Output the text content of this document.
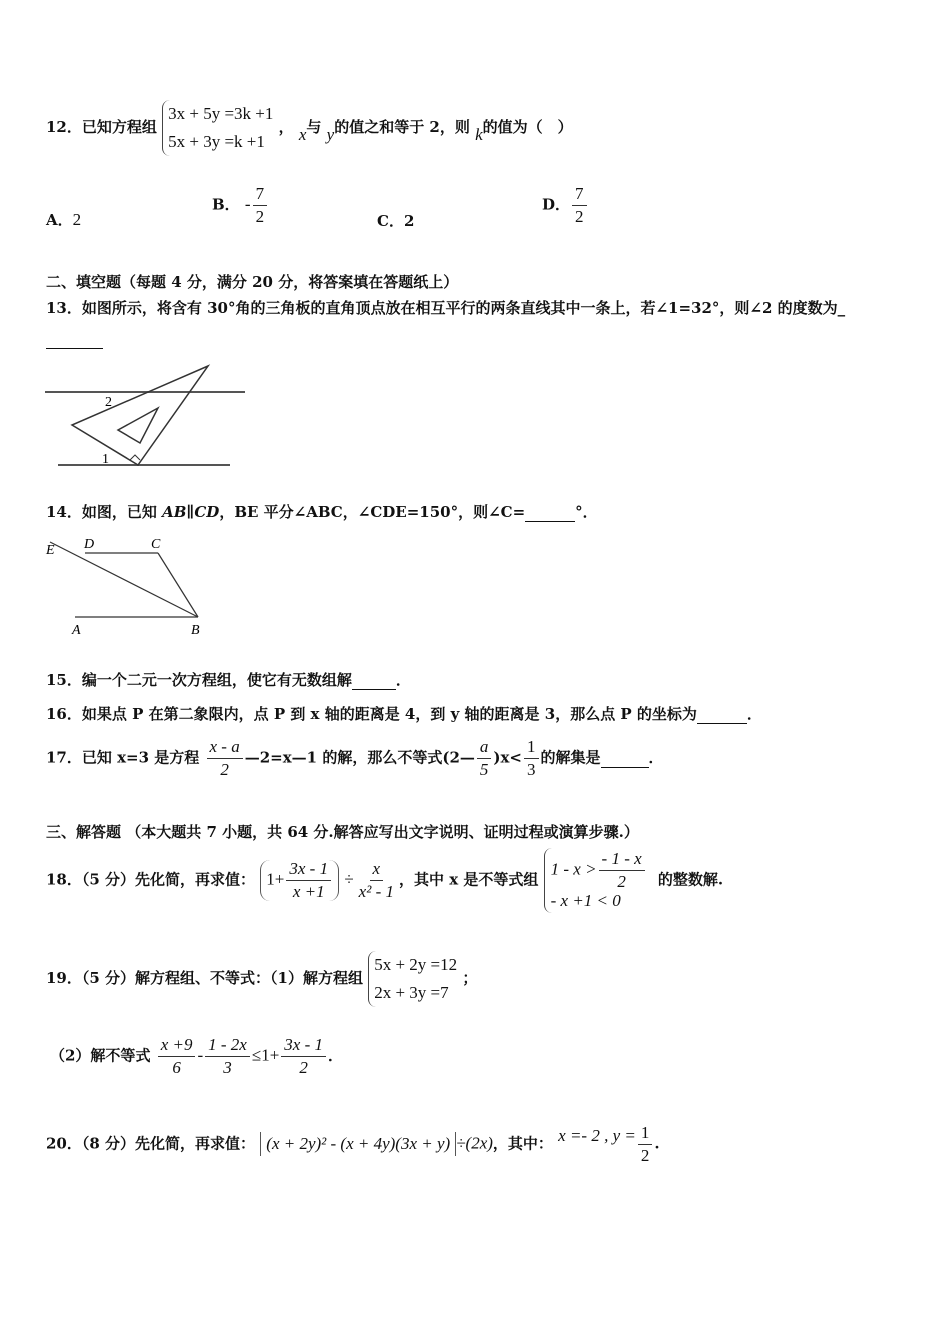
12．已知方程组
3x + 5y =3k +1
5x + 3y =k +1
， x与 y的值之和等于 2，则 k的值为（　）
A．2
B． - $\frac{7}{2}$	C．2
D． $\frac{7}{2}$
二、填空题（每题 4 分，满分 20 分，将答案填在答题纸上）
13．如图所示，将含有 30°角的三角板的直角顶点放在相互平行的两条直线其中一条上，若∠1=32°，则∠2 的度数为_
2
1
14．如图，已知 AB∥CD，BE 平分∠ABC，∠CDE=150°，则∠C=	°．
E D	C
A	B
15．编一个二元一次方程组，使它有无数组解	．
16．如果点 P 在第二象限内，点 P 到 x 轴的距离是 4，到 y 轴的距离是 3，那么点 P 的坐标为	．
17．已知 x=3 是方程 $\frac{x - a}{2}$ —2=x—1 的解，那么不等式(2— $\frac{a}{5} )x< \frac{1}{3}$ 的解集是	．
三、解答题 （本大题共 7 小题，共 64 分.解答应写出文字说明、证明过程或演算步骤.）
18．（5 分）先化简，再求值： $1+ \frac{3x - 1}{x +1} \div \frac{x}{\text{x² - 1}}$ ，其中 x 是不等式组
$1 - x > \frac{- 1 - x}{2}$
- x +1 < 0
的整数解.
19．（5 分）解方程组、不等式：（1）解方程组
5x + 2y =12
2x + 3y =7
；
（2）解不等式 $\frac{x +9}{6} - \frac{1 - 2x}{3} \le 1+ \frac{3x - 1}{2}$ ．
20．（8 分）先化简，再求值： (x + 2y)² - (x + 4y)(3x + y) ÷(2x)，其中： x =- 2 , $y = \frac{1}{2}$ .
